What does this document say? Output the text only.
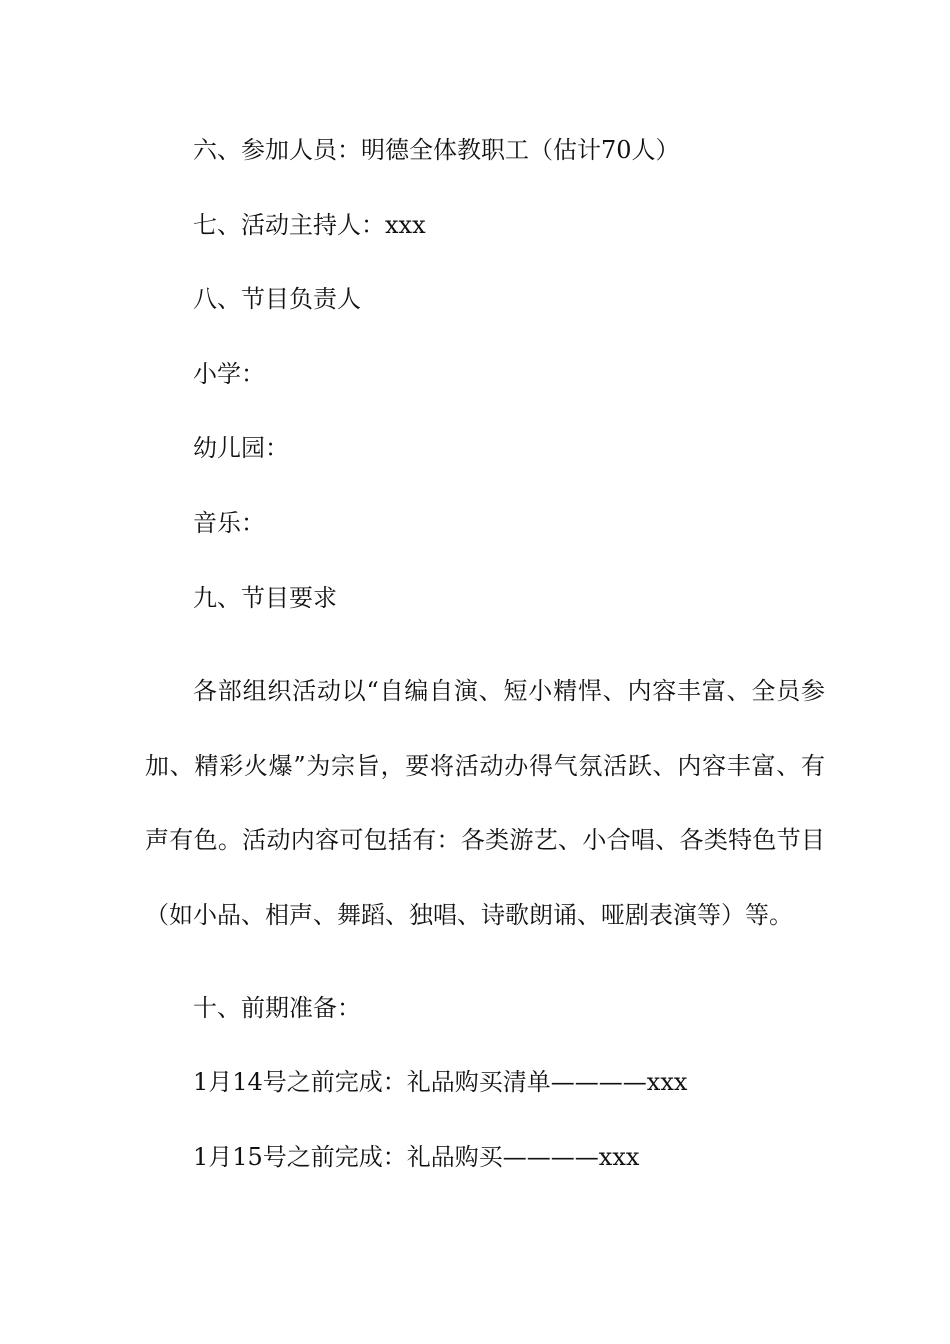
六、参加人员：明德全体教职工（估计70人）

七、活动主持人：xxx

八、节目负责人

小学：

幼儿园：

音乐：

九、节目要求

各部组织活动以“自编自演、短小精悍、内容丰富、全员参加、精彩火爆”为宗旨，要将活动办得气氛活跃、内容丰富、有声有色。活动内容可包括有：各类游艺、小合唱、各类特色节目（如小品、相声、舞蹈、独唱、诗歌朗诵、哑剧表演等）等。

十、前期准备：

1月14号之前完成：礼品购买清单————xxx

1月15号之前完成：礼品购买————xxx
